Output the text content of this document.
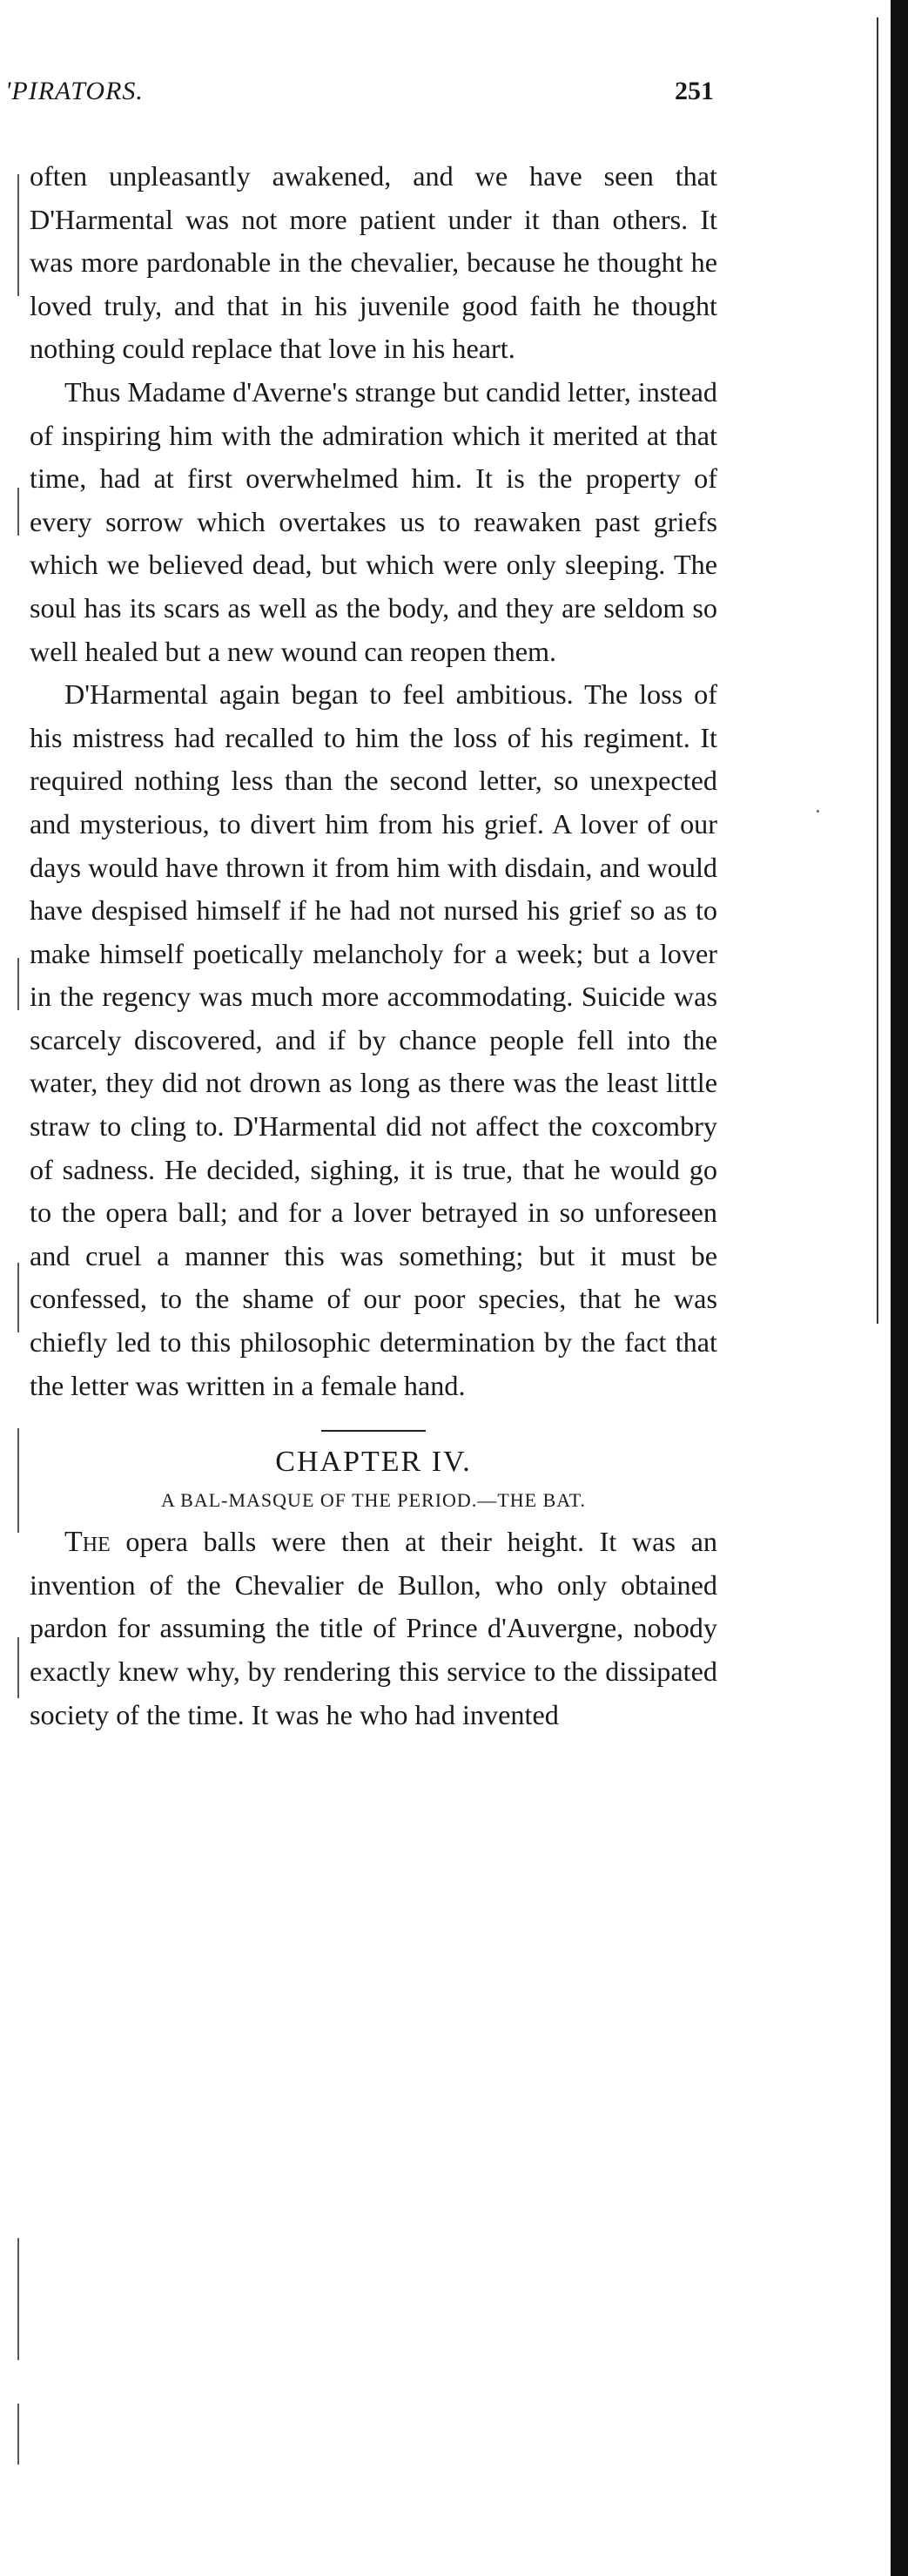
'PIRATORS.	251

often unpleasantly awakened, and we have seen that D'Harmental was not more patient under it than others. It was more pardonable in the chevalier, because he thought he loved truly, and that in his juvenile good faith he thought nothing could replace that love in his heart.

Thus Madame d'Averne's strange but candid letter, instead of inspiring him with the admiration which it merited at that time, had at first overwhelmed him. It is the property of every sorrow which overtakes us to reawaken past griefs which we believed dead, but which were only sleeping. The soul has its scars as well as the body, and they are seldom so well healed but a new wound can reopen them.

D'Harmental again began to feel ambitious. The loss of his mistress had recalled to him the loss of his regiment. It required nothing less than the second letter, so unexpected and mysterious, to divert him from his grief. A lover of our days would have thrown it from him with disdain, and would have despised himself if he had not nursed his grief so as to make himself poetically melancholy for a week; but a lover in the regency was much more accommodating. Suicide was scarcely discovered, and if by chance people fell into the water, they did not drown as long as there was the least little straw to cling to. D'Harmental did not affect the coxcombry of sadness. He decided, sighing, it is true, that he would go to the opera ball; and for a lover betrayed in so unforeseen and cruel a manner this was something; but it must be confessed, to the shame of our poor species, that he was chiefly led to this philosophic determination by the fact that the letter was written in a female hand.

CHAPTER IV.

A BAL-MASQUE OF THE PERIOD.—THE BAT.

The opera balls were then at their height. It was an invention of the Chevalier de Bullon, who only obtained pardon for assuming the title of Prince d'Auvergne, nobody exactly knew why, by rendering this service to the dissipated society of the time. It was he who had invented
